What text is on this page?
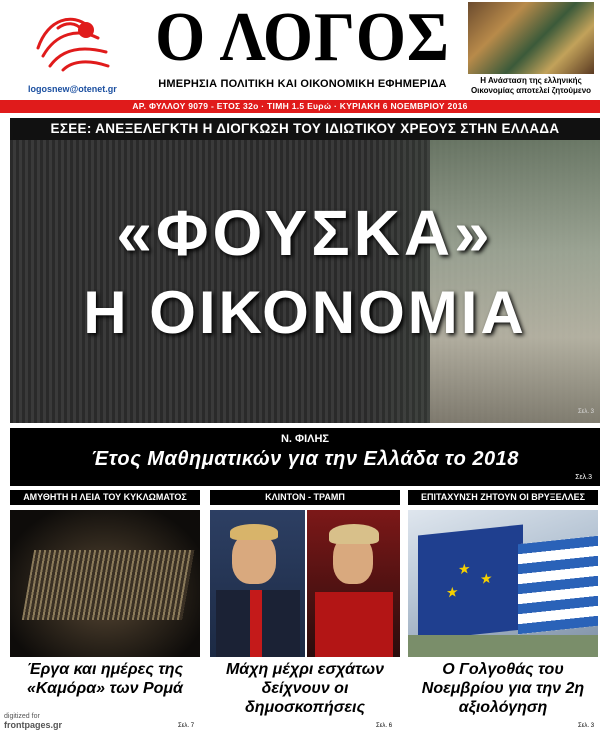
logosnew@otenet.gr
Ο ΛΟΓΟΣ
ΗΜΕΡΗΣΙΑ ΠΟΛΙΤΙΚΗ ΚΑΙ ΟΙΚΟΝΟΜΙΚΗ ΕΦΗΜΕΡΙΔΑ	Η Ανάσταση της ελληνικής Οικονομίας αποτελεί ζητούμενο
ΑΡ. ΦΥΛΛΟΥ 9079 - ΕΤΟΣ 32ο · ΤΙΜΗ 1.5 Ευρώ · ΚΥΡΙΑΚΗ 6 ΝΟΕΜΒΡΙΟΥ 2016
ΕΣΕΕ: ΑΝΕΞΕΛΕΓΚΤΗ Η ΔΙΟΓΚΩΣΗ ΤΟΥ ΙΔΙΩΤΙΚΟΥ ΧΡΕΟΥΣ ΣΤΗΝ ΕΛΛΑΔΑ
«ΦΟΥΣΚΑ»
Η ΟΙΚΟΝΟΜΙΑ
Σελ. 3
Ν. ΦΙΛΗΣ
Έτος Μαθηματικών για την Ελλάδα το 2018
Σελ.3
ΑΜΥΘΗΤΗ Η ΛΕΙΑ ΤΟΥ ΚΥΚΛΩΜΑΤΟΣ
Έργα και ημέρες της «Καμόρα» των Ρομά
Σελ. 7
ΚΛΙΝΤΟΝ - ΤΡΑΜΠ
Μάχη μέχρι εσχάτων δείχνουν οι δημοσκοπήσεις
Σελ. 6
ΕΠΙΤΑΧΥΝΣΗ ΖΗΤΟΥΝ ΟΙ ΒΡΥΞΕΛΛΕΣ
★
★
★
Ο Γολγοθάς του Νοεμβρίου για την 2η αξιολόγηση
Σελ. 3
digitized for
frontpages.gr
